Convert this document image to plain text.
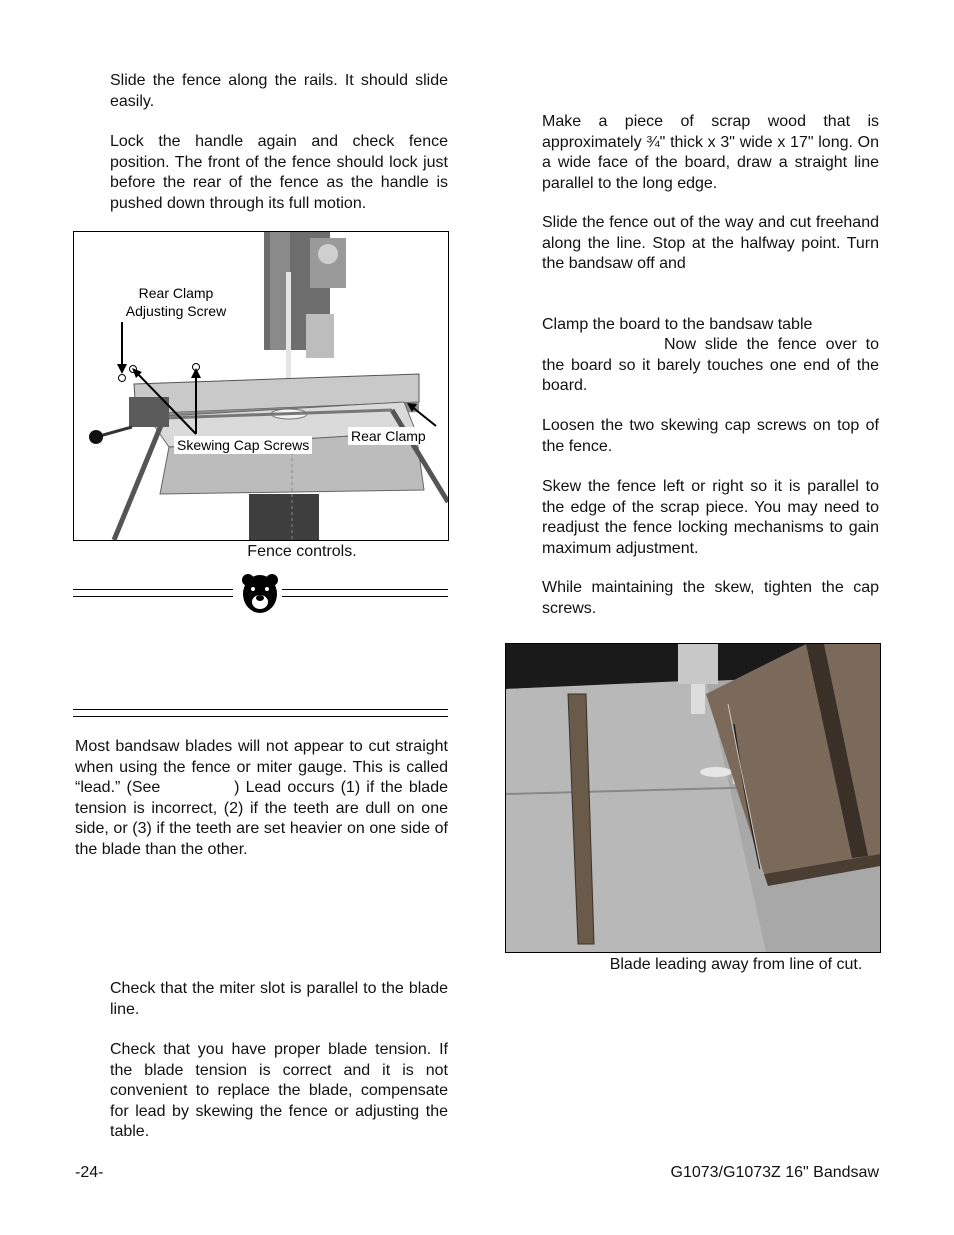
Slide the fence along the rails. It should slide easily.

Lock the handle again and check fence position. The front of the fence should lock just before the rear of the fence as the handle is pushed down through its full motion.

Rear Clamp
Adjusting Screw
Skewing Cap Screws
Rear Clamp
Fence controls.

Most bandsaw blades will not appear to cut straight when using the fence or miter gauge. This is called “lead.” (See            ) Lead occurs (1) if the blade tension is incorrect, (2) if the teeth are dull on one side, or (3) if the teeth are set heavier on one side of the blade than the other.

Check that the miter slot is parallel to the blade line.

Check that you have proper blade tension. If the blade tension is correct and it is not convenient to replace the blade, compensate for lead by skewing the fence or adjusting the table.

Make a piece of scrap wood that is approximately ¾" thick x 3" wide x 17" long. On a wide face of the board, draw a straight line parallel to the long edge.

Slide the fence out of the way and cut freehand along the line. Stop at the halfway point. Turn the bandsaw off and

Clamp the board to the bandsaw table

Now slide the fence over to the board so it barely touches one end of the board.

Loosen the two skewing cap screws on top of the fence.

Skew the fence left or right so it is parallel to the edge of the scrap piece. You may need to readjust the fence locking mechanisms to gain maximum adjustment.

While maintaining the skew, tighten the cap screws.

Blade leading away from line of cut.
-24-	G1073/G1073Z 16" Bandsaw
